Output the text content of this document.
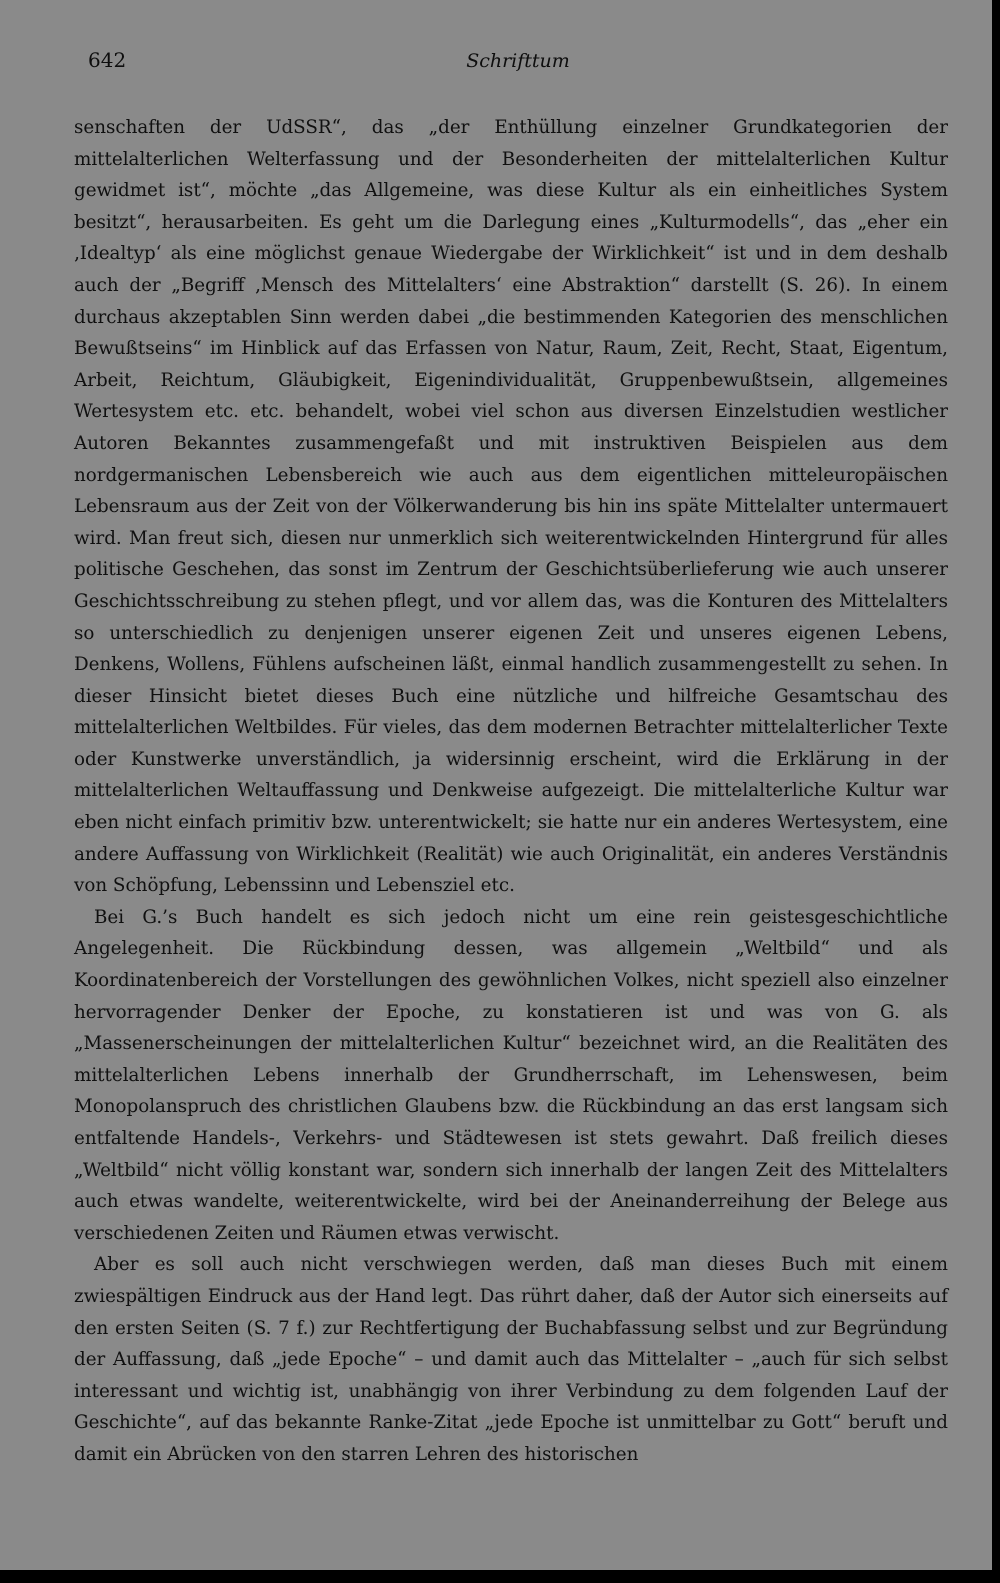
642	Schrifttum

senschaften der UdSSR“, das „der Enthüllung einzelner Grundkategorien der mittelalterlichen Welterfassung und der Besonderheiten der mittelalterlichen Kultur gewidmet ist“, möchte „das Allgemeine, was diese Kultur als ein einheitliches System besitzt“, herausarbeiten. Es geht um die Darlegung eines „Kulturmodells“, das „eher ein ‚Idealtyp‘ als eine möglichst genaue Wiedergabe der Wirklichkeit“ ist und in dem deshalb auch der „Begriff ‚Mensch des Mittelalters‘ eine Abstraktion“ darstellt (S. 26). In einem durchaus akzeptablen Sinn werden dabei „die bestimmenden Kategorien des menschlichen Bewußtseins“ im Hinblick auf das Erfassen von Natur, Raum, Zeit, Recht, Staat, Eigentum, Arbeit, Reichtum, Gläubigkeit, Eigenindividualität, Gruppenbewußtsein, allgemeines Wertesystem etc. etc. behandelt, wobei viel schon aus diversen Einzelstudien westlicher Autoren Bekanntes zusammengefaßt und mit instruktiven Beispielen aus dem nordgermanischen Lebensbereich wie auch aus dem eigentlichen mitteleuropäischen Lebensraum aus der Zeit von der Völkerwanderung bis hin ins späte Mittelalter untermauert wird. Man freut sich, diesen nur unmerklich sich weiterentwickelnden Hintergrund für alles politische Geschehen, das sonst im Zentrum der Geschichtsüberlieferung wie auch unserer Geschichtsschreibung zu stehen pflegt, und vor allem das, was die Konturen des Mittelalters so unterschiedlich zu denjenigen unserer eigenen Zeit und unseres eigenen Lebens, Denkens, Wollens, Fühlens aufscheinen läßt, einmal handlich zusammengestellt zu sehen. In dieser Hinsicht bietet dieses Buch eine nützliche und hilfreiche Gesamtschau des mittelalterlichen Weltbildes. Für vieles, das dem modernen Betrachter mittelalterlicher Texte oder Kunstwerke unverständlich, ja widersinnig erscheint, wird die Erklärung in der mittelalterlichen Weltauffassung und Denkweise aufgezeigt. Die mittelalterliche Kultur war eben nicht einfach primitiv bzw. unterentwickelt; sie hatte nur ein anderes Wertesystem, eine andere Auffassung von Wirklichkeit (Realität) wie auch Originalität, ein anderes Verständnis von Schöpfung, Lebenssinn und Lebensziel etc.

Bei G.’s Buch handelt es sich jedoch nicht um eine rein geistesgeschichtliche Angelegenheit. Die Rückbindung dessen, was allgemein „Weltbild“ und als Koordinatenbereich der Vorstellungen des gewöhnlichen Volkes, nicht speziell also einzelner hervorragender Denker der Epoche, zu konstatieren ist und was von G. als „Massenerscheinungen der mittelalterlichen Kultur“ bezeichnet wird, an die Realitäten des mittelalterlichen Lebens innerhalb der Grundherrschaft, im Lehenswesen, beim Monopolanspruch des christlichen Glaubens bzw. die Rückbindung an das erst langsam sich entfaltende Handels-, Verkehrs- und Städtewesen ist stets gewahrt. Daß freilich dieses „Weltbild“ nicht völlig konstant war, sondern sich innerhalb der langen Zeit des Mittelalters auch etwas wandelte, weiterentwickelte, wird bei der Aneinanderreihung der Belege aus verschiedenen Zeiten und Räumen etwas verwischt.

Aber es soll auch nicht verschwiegen werden, daß man dieses Buch mit einem zwiespältigen Eindruck aus der Hand legt. Das rührt daher, daß der Autor sich einerseits auf den ersten Seiten (S. 7 f.) zur Rechtfertigung der Buchabfassung selbst und zur Begründung der Auffassung, daß „jede Epoche“ – und damit auch das Mittelalter – „auch für sich selbst interessant und wichtig ist, unabhängig von ihrer Verbindung zu dem folgenden Lauf der Geschichte“, auf das bekannte Ranke-Zitat „jede Epoche ist unmittelbar zu Gott“ beruft und damit ein Abrücken von den starren Lehren des historischen
